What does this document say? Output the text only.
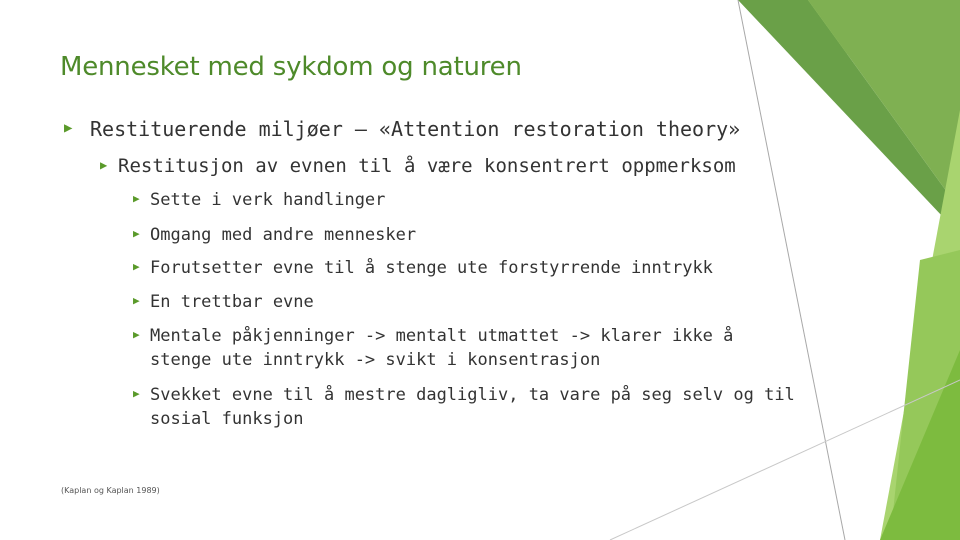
Mennesket med sykdom og naturen
▶ Restituerende miljøer – «Attention restoration theory»
▶ Restitusjon av evnen til å være konsentrert oppmerksom
▶ Sette i verk handlinger
▶ Omgang med andre mennesker
▶ Forutsetter evne til å stenge ute forstyrrende inntrykk
▶ En trettbar evne
▶ Mentale påkjenninger -> mentalt utmattet -> klarer ikke å
stenge ute inntrykk -> svikt i konsentrasjon
▶ Svekket evne til å mestre dagligliv, ta vare på seg selv og til
sosial funksjon
(Kaplan og Kaplan 1989)
